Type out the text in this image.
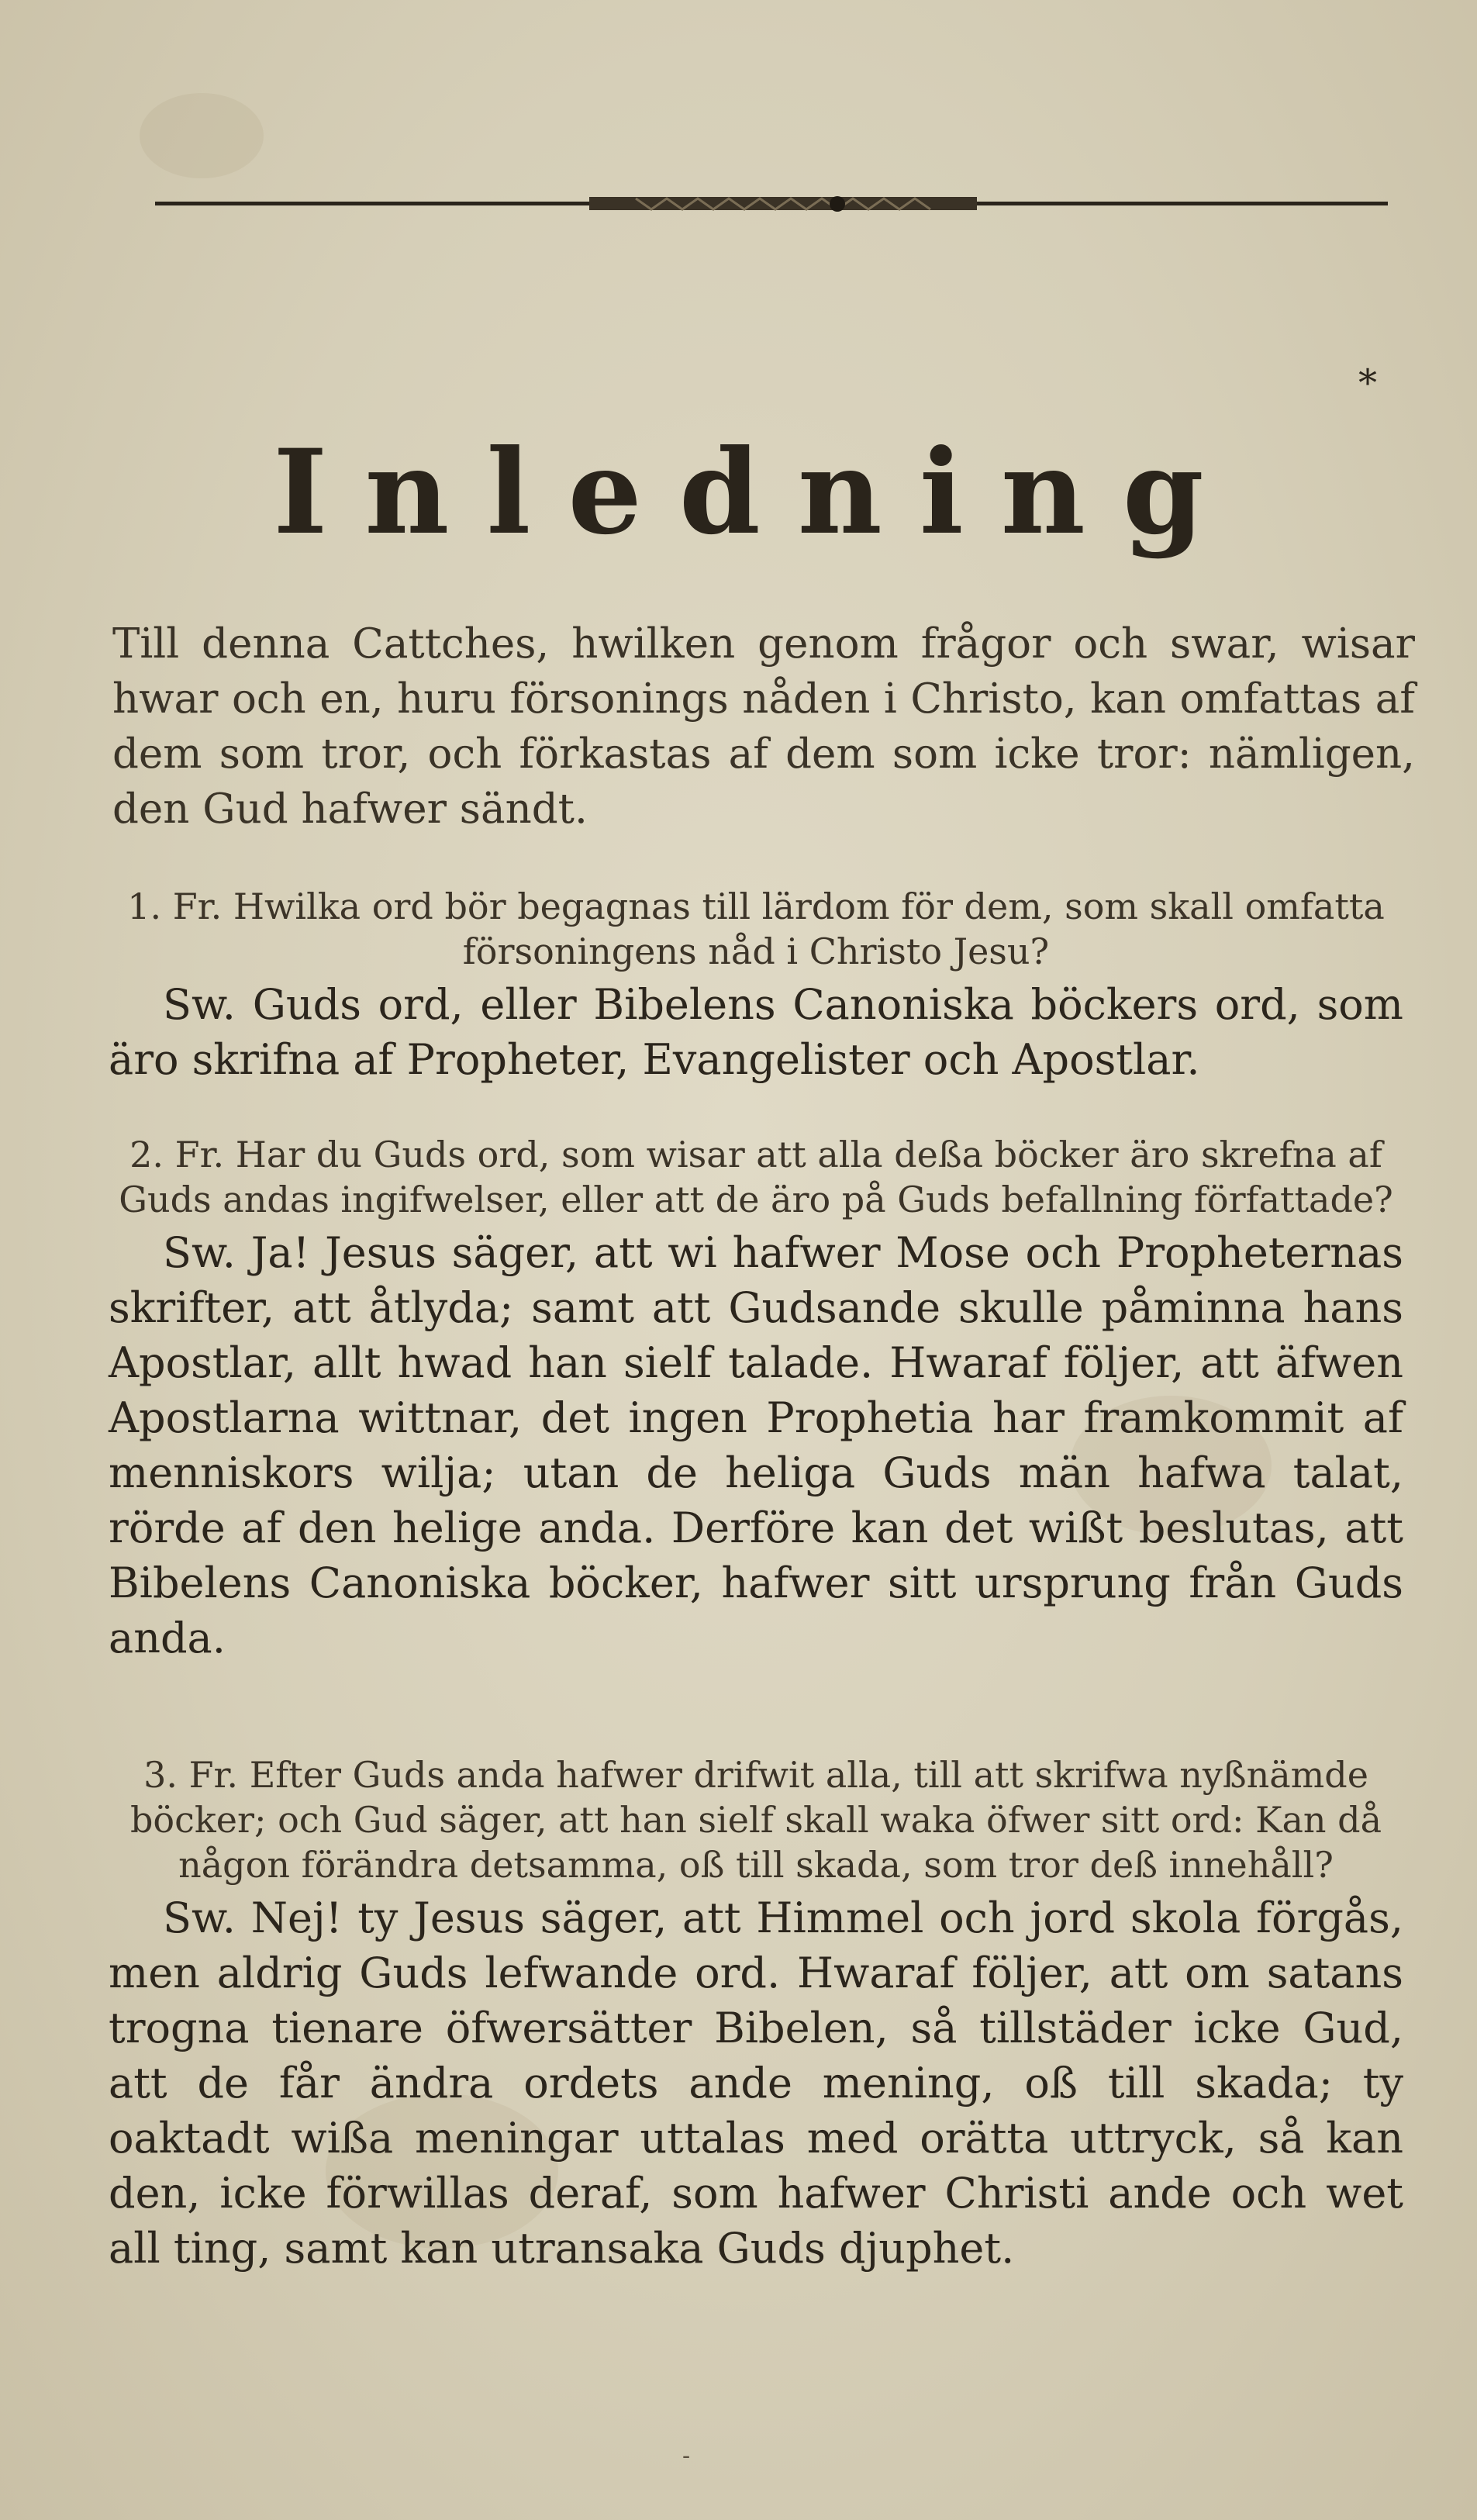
*
Inledning
Till denna Cattches, hwilken genom frågor och swar, wisar hwar och en, huru försonings nåden i Christo, kan omfattas af dem som tror, och förkastas af dem som icke tror: nämligen, den Gud hafwer sändt.
1. Fr. Hwilka ord bör begagnas till lärdom för dem, som skall omfatta försoningens nåd i Christo Jesu?
Sw. Guds ord, eller Bibelens Canoniska böckers ord, som äro skrifna af Propheter, Evangelister och Apostlar.
2. Fr. Har du Guds ord, som wisar att alla deßa böcker äro skrefna af Guds andas ingifwelser, eller att de äro på Guds befallning författade?
Sw. Ja! Jesus säger, att wi hafwer Mose och Propheternas skrifter, att åtlyda; samt att Gudsande skulle påminna hans Apostlar, allt hwad han sielf talade. Hwaraf följer, att äfwen Apostlarna wittnar, det ingen Prophetia har framkommit af menniskors wilja; utan de heliga Guds män hafwa talat, rörde af den helige anda. Derföre kan det wißt beslutas, att Bibelens Canoniska böcker, hafwer sitt ursprung från Guds anda.
3. Fr. Efter Guds anda hafwer drifwit alla, till att skrifwa nyßnämde böcker; och Gud säger, att han sielf skall waka öfwer sitt ord: Kan då någon förändra detsamma, oß till skada, som tror deß innehåll?
Sw. Nej! ty Jesus säger, att Himmel och jord skola förgås, men aldrig Guds lefwande ord. Hwaraf följer, att om satans trogna tienare öfwersätter Bibelen, så tillstäder icke Gud, att de får ändra ordets ande mening, oß till skada; ty oaktadt wißa meningar uttalas med orätta uttryck, så kan den, icke förwillas deraf, som hafwer Christi ande och wet all ting, samt kan utransaka Guds djuphet.
-
